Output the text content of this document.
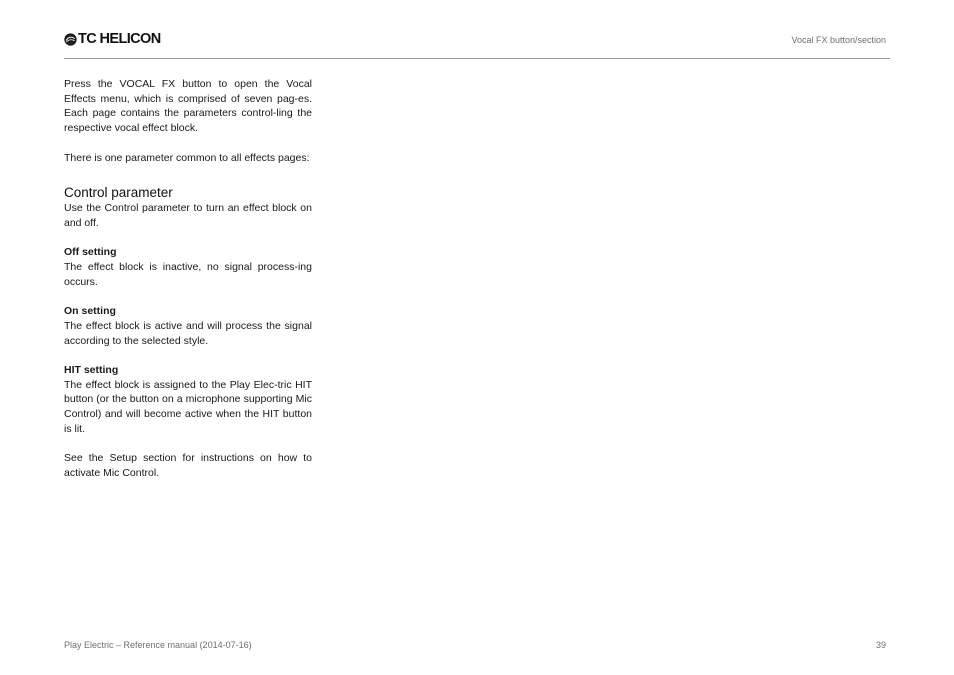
TC HELICON	Vocal FX button/section

Press the VOCAL FX button to open the Vocal Effects menu, which is comprised of seven pag-es. Each page contains the parameters control-ling the respective vocal effect block.

There is one parameter common to all effects pages:

Control parameter

Use the Control parameter to turn an effect block on and off.

Off setting

The effect block is inactive, no signal process-ing occurs.

On setting

The effect block is active and will process the signal according to the selected style.

HIT setting

The effect block is assigned to the Play Elec-tric HIT button (or the button on a microphone supporting Mic Control) and will become active when the HIT button is lit.

See the Setup section for instructions on how to activate Mic Control.

Play Electric – Reference manual (2014-07-16)	39
